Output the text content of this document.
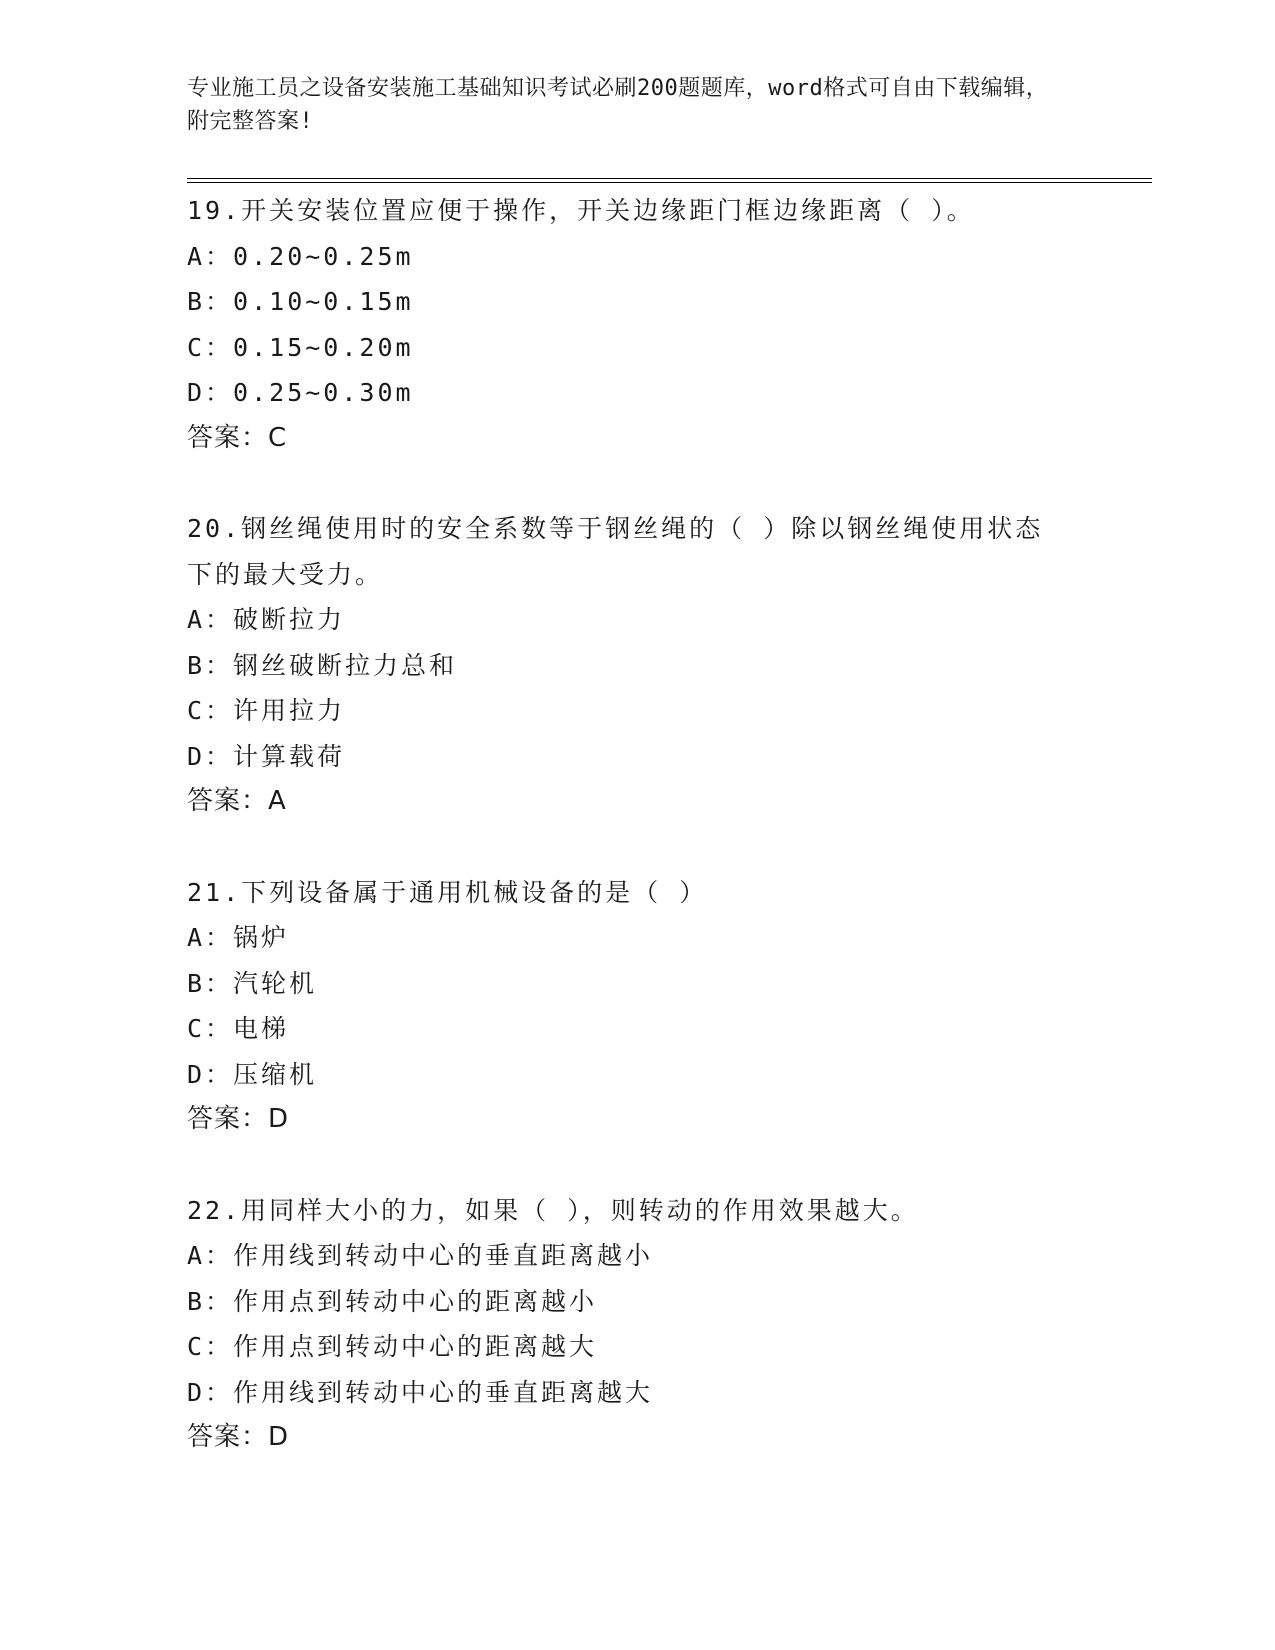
专业施工员之设备安装施工基础知识考试必刷200题题库，word格式可自由下载编辑，附完整答案!
19.开关安装位置应便于操作，开关边缘距门框边缘距离（ ）。
A：0.20~0.25m
B：0.10~0.15m
C：0.15~0.20m
D：0.25~0.30m
答案：C
20.钢丝绳使用时的安全系数等于钢丝绳的（ ）除以钢丝绳使用状态下的最大受力。
A：破断拉力
B：钢丝破断拉力总和
C：许用拉力
D：计算载荷
答案：A
21.下列设备属于通用机械设备的是（ ）
A：锅炉
B：汽轮机
C：电梯
D：压缩机
答案：D
22.用同样大小的力，如果（ ），则转动的作用效果越大。
A：作用线到转动中心的垂直距离越小
B：作用点到转动中心的距离越小
C：作用点到转动中心的距离越大
D：作用线到转动中心的垂直距离越大
答案：D
